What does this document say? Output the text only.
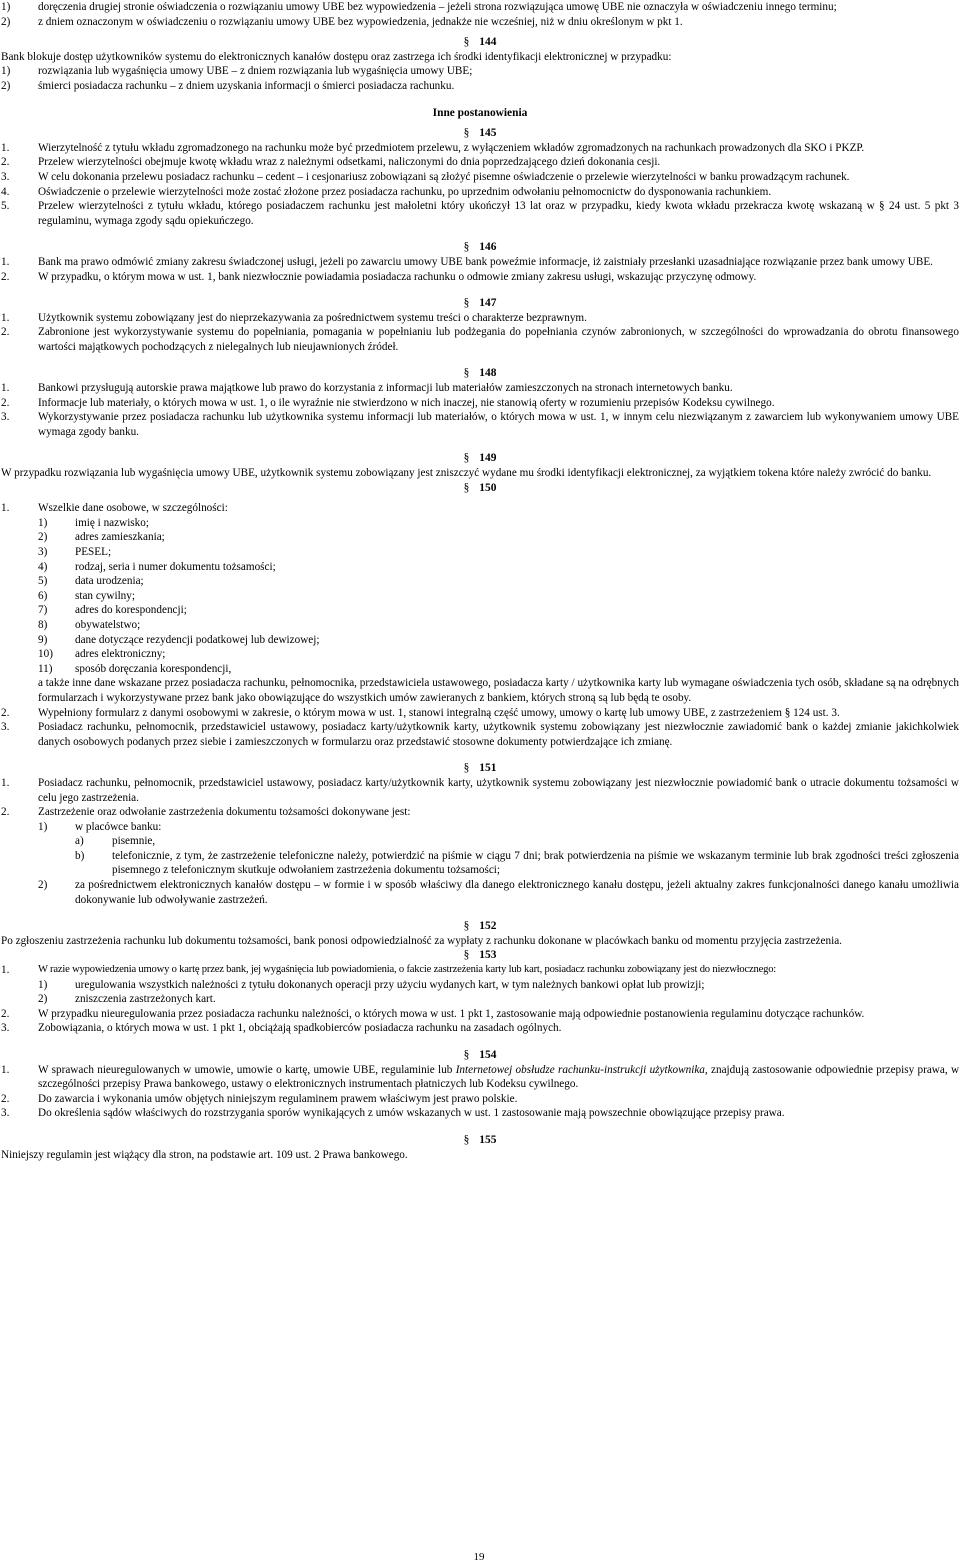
1)	doręczenia drugiej stronie oświadczenia o rozwiązaniu umowy UBE bez wypowiedzenia – jeżeli strona rozwiązująca umowę UBE nie oznaczyła w oświadczeniu innego terminu;
2)	z dniem oznaczonym w oświadczeniu o rozwiązaniu umowy UBE bez wypowiedzenia, jednakże nie wcześniej, niż w dniu określonym w pkt 1.
§ 144
Bank blokuje dostęp użytkowników systemu do elektronicznych kanałów dostępu oraz zastrzega ich środki identyfikacji elektronicznej w przypadku:
1)	rozwiązania lub wygaśnięcia umowy UBE – z dniem rozwiązania lub wygaśnięcia umowy UBE;
2)	śmierci posiadacza rachunku – z dniem uzyskania informacji o śmierci posiadacza rachunku.
Inne postanowienia
§ 145
1.	Wierzytelność z tytułu wkładu zgromadzonego na rachunku może być przedmiotem przelewu, z wyłączeniem wkładów zgromadzonych na rachunkach prowadzonych dla SKO i PKZP.
2.	Przelew wierzytelności obejmuje kwotę wkładu wraz z należnymi odsetkami, naliczonymi do dnia poprzedzającego dzień dokonania cesji.
3.	W celu dokonania przelewu posiadacz rachunku – cedent – i cesjonariusz zobowiązani są złożyć pisemne oświadczenie o przelewie wierzytelności w banku prowadzącym rachunek.
4.	Oświadczenie o przelewie wierzytelności może zostać złożone przez posiadacza rachunku, po uprzednim odwołaniu pełnomocnictw do dysponowania rachunkiem.
5.	Przelew wierzytelności z tytułu wkładu, którego posiadaczem rachunku jest małoletni który ukończył 13 lat oraz w przypadku, kiedy kwota wkładu przekracza kwotę wskazaną w § 24 ust. 5 pkt 3 regulaminu, wymaga zgody sądu opiekuńczego.
§ 146
1.	Bank ma prawo odmówić zmiany zakresu świadczonej usługi, jeżeli po zawarciu umowy UBE bank poweźmie informacje, iż zaistniały przesłanki uzasadniające rozwiązanie przez bank umowy UBE.
2.	W przypadku, o którym mowa w ust. 1, bank niezwłocznie powiadamia posiadacza rachunku o odmowie zmiany zakresu usługi, wskazując przyczynę odmowy.
§ 147
1.	Użytkownik systemu zobowiązany jest do nieprzekazywania za pośrednictwem systemu treści o charakterze bezprawnym.
2.	Zabronione jest wykorzystywanie systemu do popełniania, pomagania w popełnianiu lub podżegania do popełniania czynów zabronionych, w szczególności do wprowadzania do obrotu finansowego wartości majątkowych pochodzących z nielegalnych lub nieujawnionych źródeł.
§ 148
1.	Bankowi przysługują autorskie prawa majątkowe lub prawo do korzystania z informacji lub materiałów zamieszczonych na stronach internetowych banku.
2.	Informacje lub materiały, o których mowa w ust. 1, o ile wyraźnie nie stwierdzono w nich inaczej, nie stanowią oferty w rozumieniu przepisów Kodeksu cywilnego.
3.	Wykorzystywanie przez posiadacza rachunku lub użytkownika systemu informacji lub materiałów, o których mowa w ust. 1, w innym celu niezwiązanym z zawarciem lub wykonywaniem umowy UBE wymaga zgody banku.
§ 149
W przypadku rozwiązania lub wygaśnięcia umowy UBE, użytkownik systemu zobowiązany jest zniszczyć wydane mu środki identyfikacji elektronicznej, za wyjątkiem tokena które należy zwrócić do banku.
§ 150
1.	Wszelkie dane osobowe, w szczególności:
1)	imię i nazwisko;
2)	adres zamieszkania;
3)	PESEL;
4)	rodzaj, seria i numer dokumentu tożsamości;
5)	data urodzenia;
6)	stan cywilny;
7)	adres do korespondencji;
8)	obywatelstwo;
9)	dane dotyczące rezydencji podatkowej lub dewizowej;
10)	adres elektroniczny;
11)	sposób doręczania korespondencji,
a także inne dane wskazane przez posiadacza rachunku, pełnomocnika, przedstawiciela ustawowego, posiadacza karty / użytkownika karty lub wymagane oświadczenia tych osób, składane są na odrębnych formularzach i wykorzystywane przez bank jako obowiązujące do wszystkich umów zawieranych z bankiem, których stroną są lub będą te osoby.
2.	Wypełniony formularz z danymi osobowymi w zakresie, o którym mowa w ust. 1, stanowi integralną część umowy, umowy o kartę lub umowy UBE, z zastrzeżeniem § 124 ust. 3.
3.	Posiadacz rachunku, pełnomocnik, przedstawiciel ustawowy, posiadacz karty/użytkownik karty, użytkownik systemu zobowiązany jest niezwłocznie zawiadomić bank o każdej zmianie jakichkolwiek danych osobowych podanych przez siebie i zamieszczonych w formularzu oraz przedstawić stosowne dokumenty potwierdzające ich zmianę.
§ 151
1.	Posiadacz rachunku, pełnomocnik, przedstawiciel ustawowy, posiadacz karty/użytkownik karty, użytkownik systemu zobowiązany jest niezwłocznie powiadomić bank o utracie dokumentu tożsamości w celu jego zastrzeżenia.
2.	Zastrzeżenie oraz odwołanie zastrzeżenia dokumentu tożsamości dokonywane jest:
1)	w placówce banku:
a)	pisemnie,
b)	telefonicznie, z tym, że zastrzeżenie telefoniczne należy, potwierdzić na piśmie w ciągu 7 dni; brak potwierdzenia na piśmie we wskazanym terminie lub brak zgodności treści zgłoszenia pisemnego z telefonicznym skutkuje odwołaniem zastrzeżenia dokumentu tożsamości;
2)	za pośrednictwem elektronicznych kanałów dostępu – w formie i w sposób właściwy dla danego elektronicznego kanału dostępu, jeżeli aktualny zakres funkcjonalności danego kanału umożliwia dokonywanie lub odwoływanie zastrzeżeń.
§ 152
Po zgłoszeniu zastrzeżenia rachunku lub dokumentu tożsamości, bank ponosi odpowiedzialność za wypłaty z rachunku dokonane w placówkach banku od momentu przyjęcia zastrzeżenia.
§ 153
1.	W razie wypowiedzenia umowy o kartę przez bank, jej wygaśnięcia lub powiadomienia, o fakcie zastrzeżenia karty lub kart, posiadacz rachunku zobowiązany jest do niezwłocznego:
1)	uregulowania wszystkich należności z tytułu dokonanych operacji przy użyciu wydanych kart, w tym należnych bankowi opłat lub prowizji;
2)	zniszczenia zastrzeżonych kart.
2.	W przypadku nieuregulowania przez posiadacza rachunku należności, o których mowa w ust. 1 pkt 1, zastosowanie mają odpowiednie postanowienia regulaminu dotyczące rachunków.
3.	Zobowiązania, o których mowa w ust. 1 pkt 1, obciążają spadkobierców posiadacza rachunku na zasadach ogólnych.
§ 154
1.	W sprawach nieuregulowanych w umowie, umowie o kartę, umowie UBE, regulaminie lub Internetowej obsłudze rachunku-instrukcji użytkownika, znajdują zastosowanie odpowiednie przepisy prawa, w szczególności przepisy Prawa bankowego, ustawy o elektronicznych instrumentach płatniczych lub Kodeksu cywilnego.
2.	Do zawarcia i wykonania umów objętych niniejszym regulaminem prawem właściwym jest prawo polskie.
3.	Do określenia sądów właściwych do rozstrzygania sporów wynikających z umów wskazanych w ust. 1 zastosowanie mają powszechnie obowiązujące przepisy prawa.
§ 155
Niniejszy regulamin jest wiążący dla stron, na podstawie art. 109 ust. 2 Prawa bankowego.
19
